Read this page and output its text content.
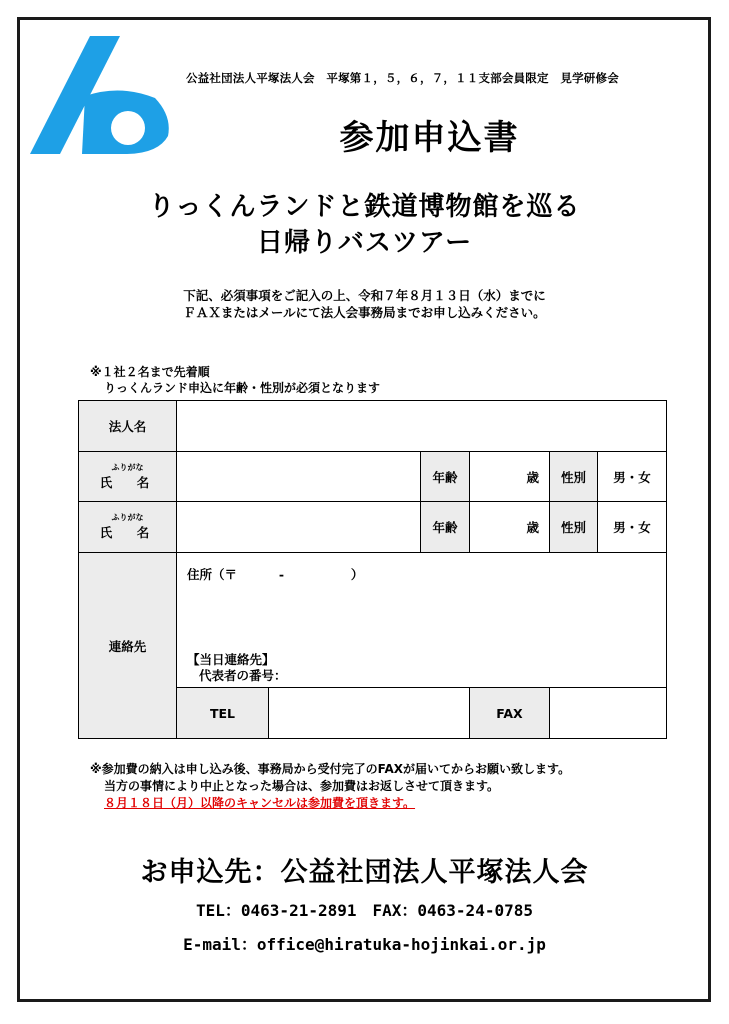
公益社団法人平塚法人会　平塚第１，５，６，７，１１支部会員限定　見学研修会
参加申込書
りっくんランドと鉄道博物館を巡る
日帰りバスツアー
下記、必須事項をご記入の上、令和７年８月１３日（水）までに
ＦＡＸまたはメールにて法人会事務局までお申し込みください。
※１社２名まで先着順
りっくんランド申込に年齢・性別が必須となります
法人名						

ふりがな
氏　名			年齢	歳	性別	男・女

ふりがな
氏　名			年齢	歳	性別	男・女
連絡先	住所（〒　　　 -　　　　　 ）
【当日連絡先】
代表者の番号：					

	TEL			FAX		
※参加費の納入は申し込み後、事務局から受付完了のFAXが届いてからお願い致します。
当方の事情により中止となった場合は、参加費はお返しさせて頂きます。
８月１８日（月）以降のキャンセルは参加費を頂きます。
お申込先：公益社団法人平塚法人会
TEL：0463-21-2891　FAX：0463-24-0785
E-mail：office@hiratuka-hojinkai.or.jp
